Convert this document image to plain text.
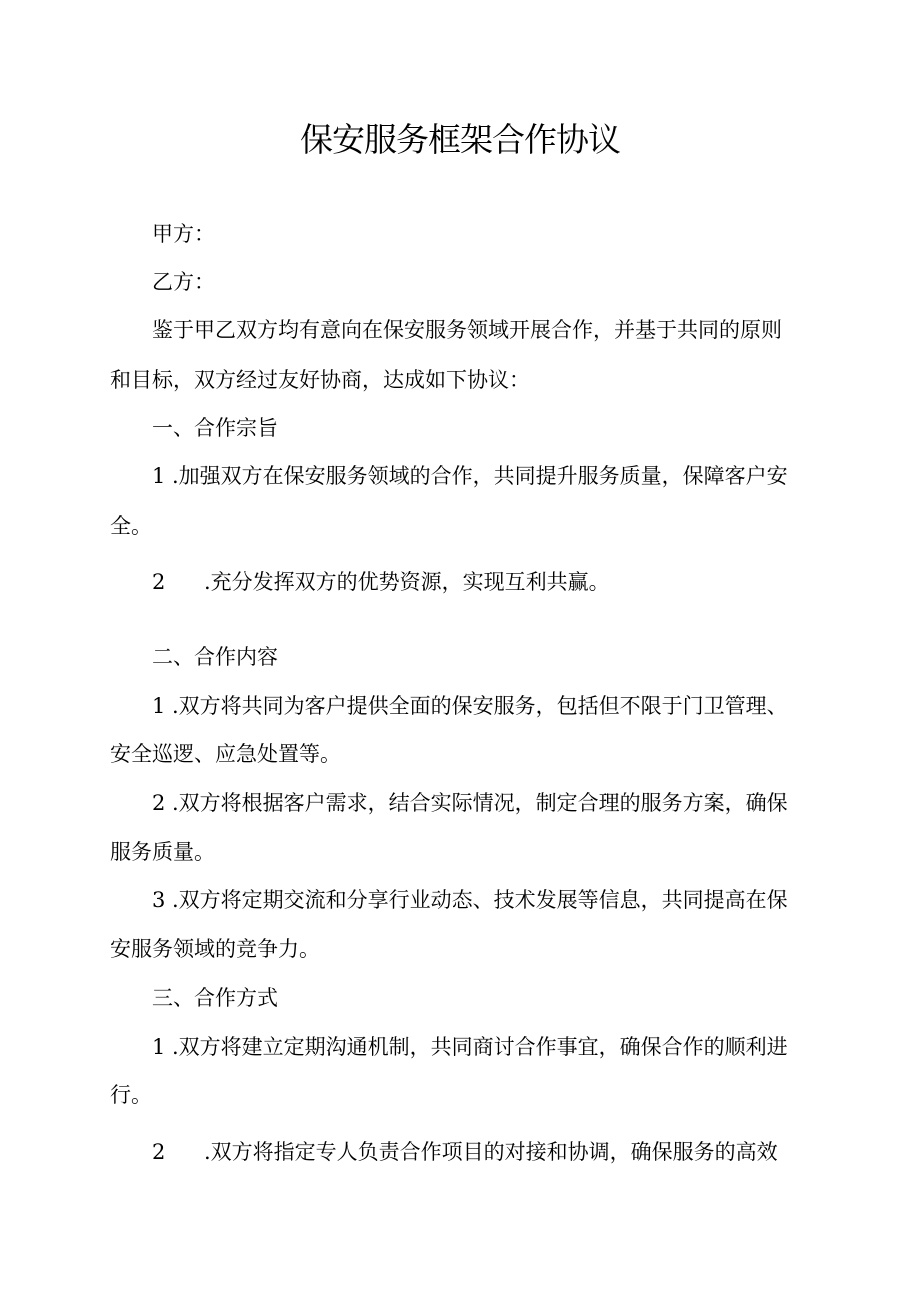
保安服务框架合作协议
甲方：
乙方：
鉴于甲乙双方均有意向在保安服务领域开展合作，并基于共同的原则
和目标，双方经过友好协商，达成如下协议：
一、合作宗旨
1 .加强双方在保安服务领域的合作，共同提升服务质量，保障客户安
全。
2 .充分发挥双方的优势资源，实现互利共赢。
二、合作内容
1 .双方将共同为客户提供全面的保安服务，包括但不限于门卫管理、
安全巡逻、应急处置等。
2 .双方将根据客户需求，结合实际情况，制定合理的服务方案，确保
服务质量。
3 .双方将定期交流和分享行业动态、技术发展等信息，共同提高在保
安服务领域的竞争力。
三、合作方式
1 .双方将建立定期沟通机制，共同商讨合作事宜，确保合作的顺利进
行。
2 .双方将指定专人负责合作项目的对接和协调，确保服务的高效
